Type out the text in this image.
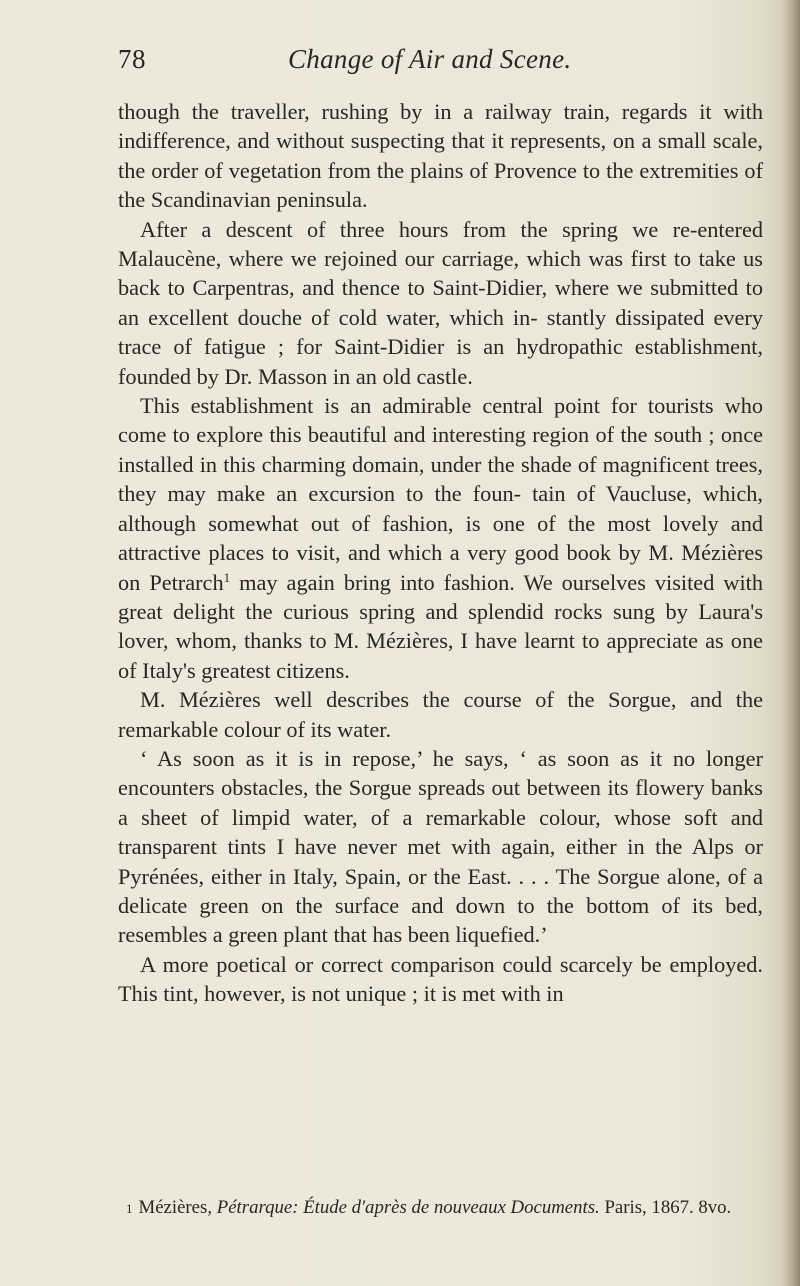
78	Change of Air and Scene.

though the traveller, rushing by in a railway train, regards it with indifference, and without suspecting that it represents, on a small scale, the order of vegetation from the plains of Provence to the extremities of the Scandinavian peninsula.

After a descent of three hours from the spring we re-entered Malaucène, where we rejoined our carriage, which was first to take us back to Carpentras, and thence to Saint-Didier, where we submitted to an excellent douche of cold water, which in- stantly dissipated every trace of fatigue ; for Saint-Didier is an hydropathic establishment, founded by Dr. Masson in an old castle.

This establishment is an admirable central point for tourists who come to explore this beautiful and interesting region of the south ; once installed in this charming domain, under the shade of magnificent trees, they may make an excursion to the foun- tain of Vaucluse, which, although somewhat out of fashion, is one of the most lovely and attractive places to visit, and which a very good book by M. Mézières on Petrarch$^1$ may again bring into fashion. We ourselves visited with great delight the curious spring and splendid rocks sung by Laura's lover, whom, thanks to M. Mézières, I have learnt to appreciate as one of Italy's greatest citizens.

M. Mézières well describes the course of the Sorgue, and the remarkable colour of its water.

‘ As soon as it is in repose,’ he says, ‘ as soon as it no longer encounters obstacles, the Sorgue spreads out between its flowery banks a sheet of limpid water, of a remarkable colour, whose soft and transparent tints I have never met with again, either in the Alps or Pyrénées, either in Italy, Spain, or the East. . . . The Sorgue alone, of a delicate green on the surface and down to the bottom of its bed, resembles a green plant that has been liquefied.’

A more poetical or correct comparison could scarcely be employed. This tint, however, is not unique ; it is met with in

1 Mézières, Pétrarque: Étude d'après de nouveaux Documents. Paris, 1867. 8vo.
